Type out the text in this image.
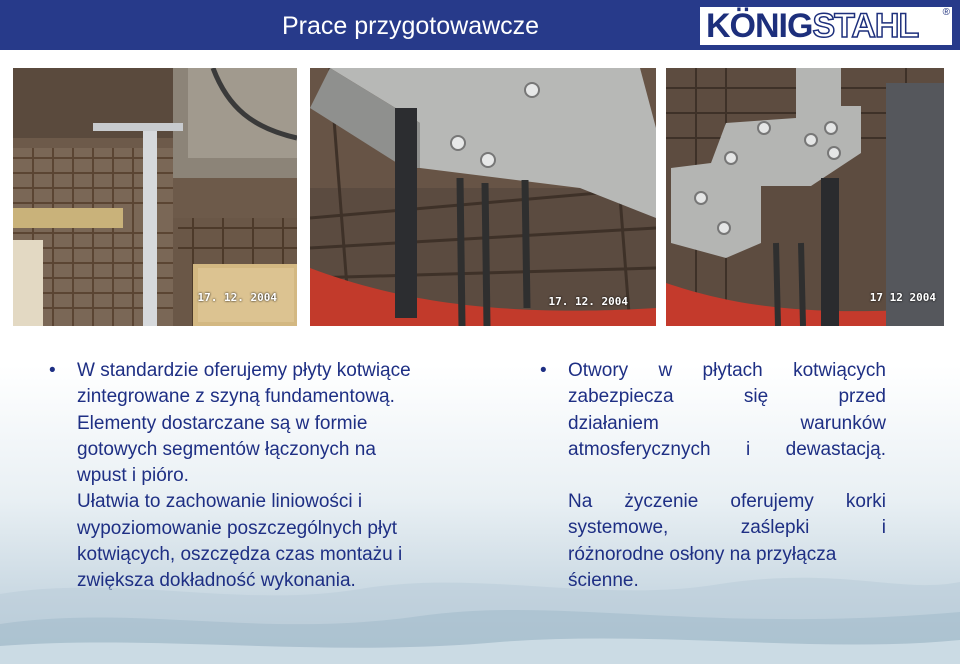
Prace przygotowawcze	KÖNIGSTAHL ®
17. 12. 2004	17. 12. 2004	17 12 2004
• W standardzie oferujemy płyty kotwiące
zintegrowane z szyną fundamentową.
Elementy dostarczane są w formie
gotowych segmentów łączonych na
wpust i pióro.
Ułatwia to zachowanie liniowości i
wypoziomowanie poszczególnych płyt
kotwiących, oszczędza czas montażu i
zwiększa dokładność wykonania.
• Otwory w płytach kotwiących
zabezpiecza	się	przed
działaniem	warunków
atmosferycznych i dewastacją.
Na życzenie oferujemy korki
systemowe,	zaślepki	i
różnorodne osłony na przyłącza
ścienne.
